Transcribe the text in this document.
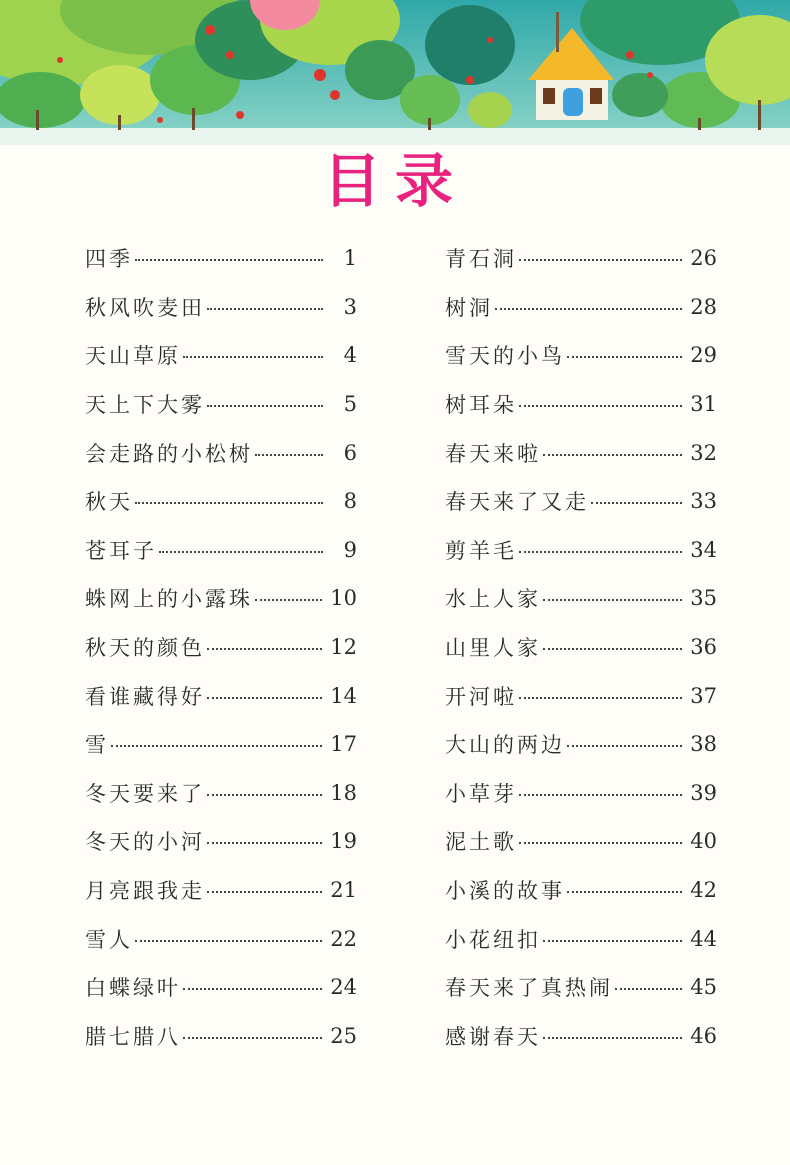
目录
四季	1
秋风吹麦田	3
天山草原	4
天上下大雾	5
会走路的小松树	6
秋天	8
苍耳子	9
蛛网上的小露珠	10
秋天的颜色	12
看谁藏得好	14
雪	17
冬天要来了	18
冬天的小河	19
月亮跟我走	21
雪人	22
白蝶绿叶	24
腊七腊八	25
青石洞	26
树洞	28
雪天的小鸟	29
树耳朵	31
春天来啦	32
春天来了又走	33
剪羊毛	34
水上人家	35
山里人家	36
开河啦	37
大山的两边	38
小草芽	39
泥土歌	40
小溪的故事	42
小花纽扣	44
春天来了真热闹	45
感谢春天	46
